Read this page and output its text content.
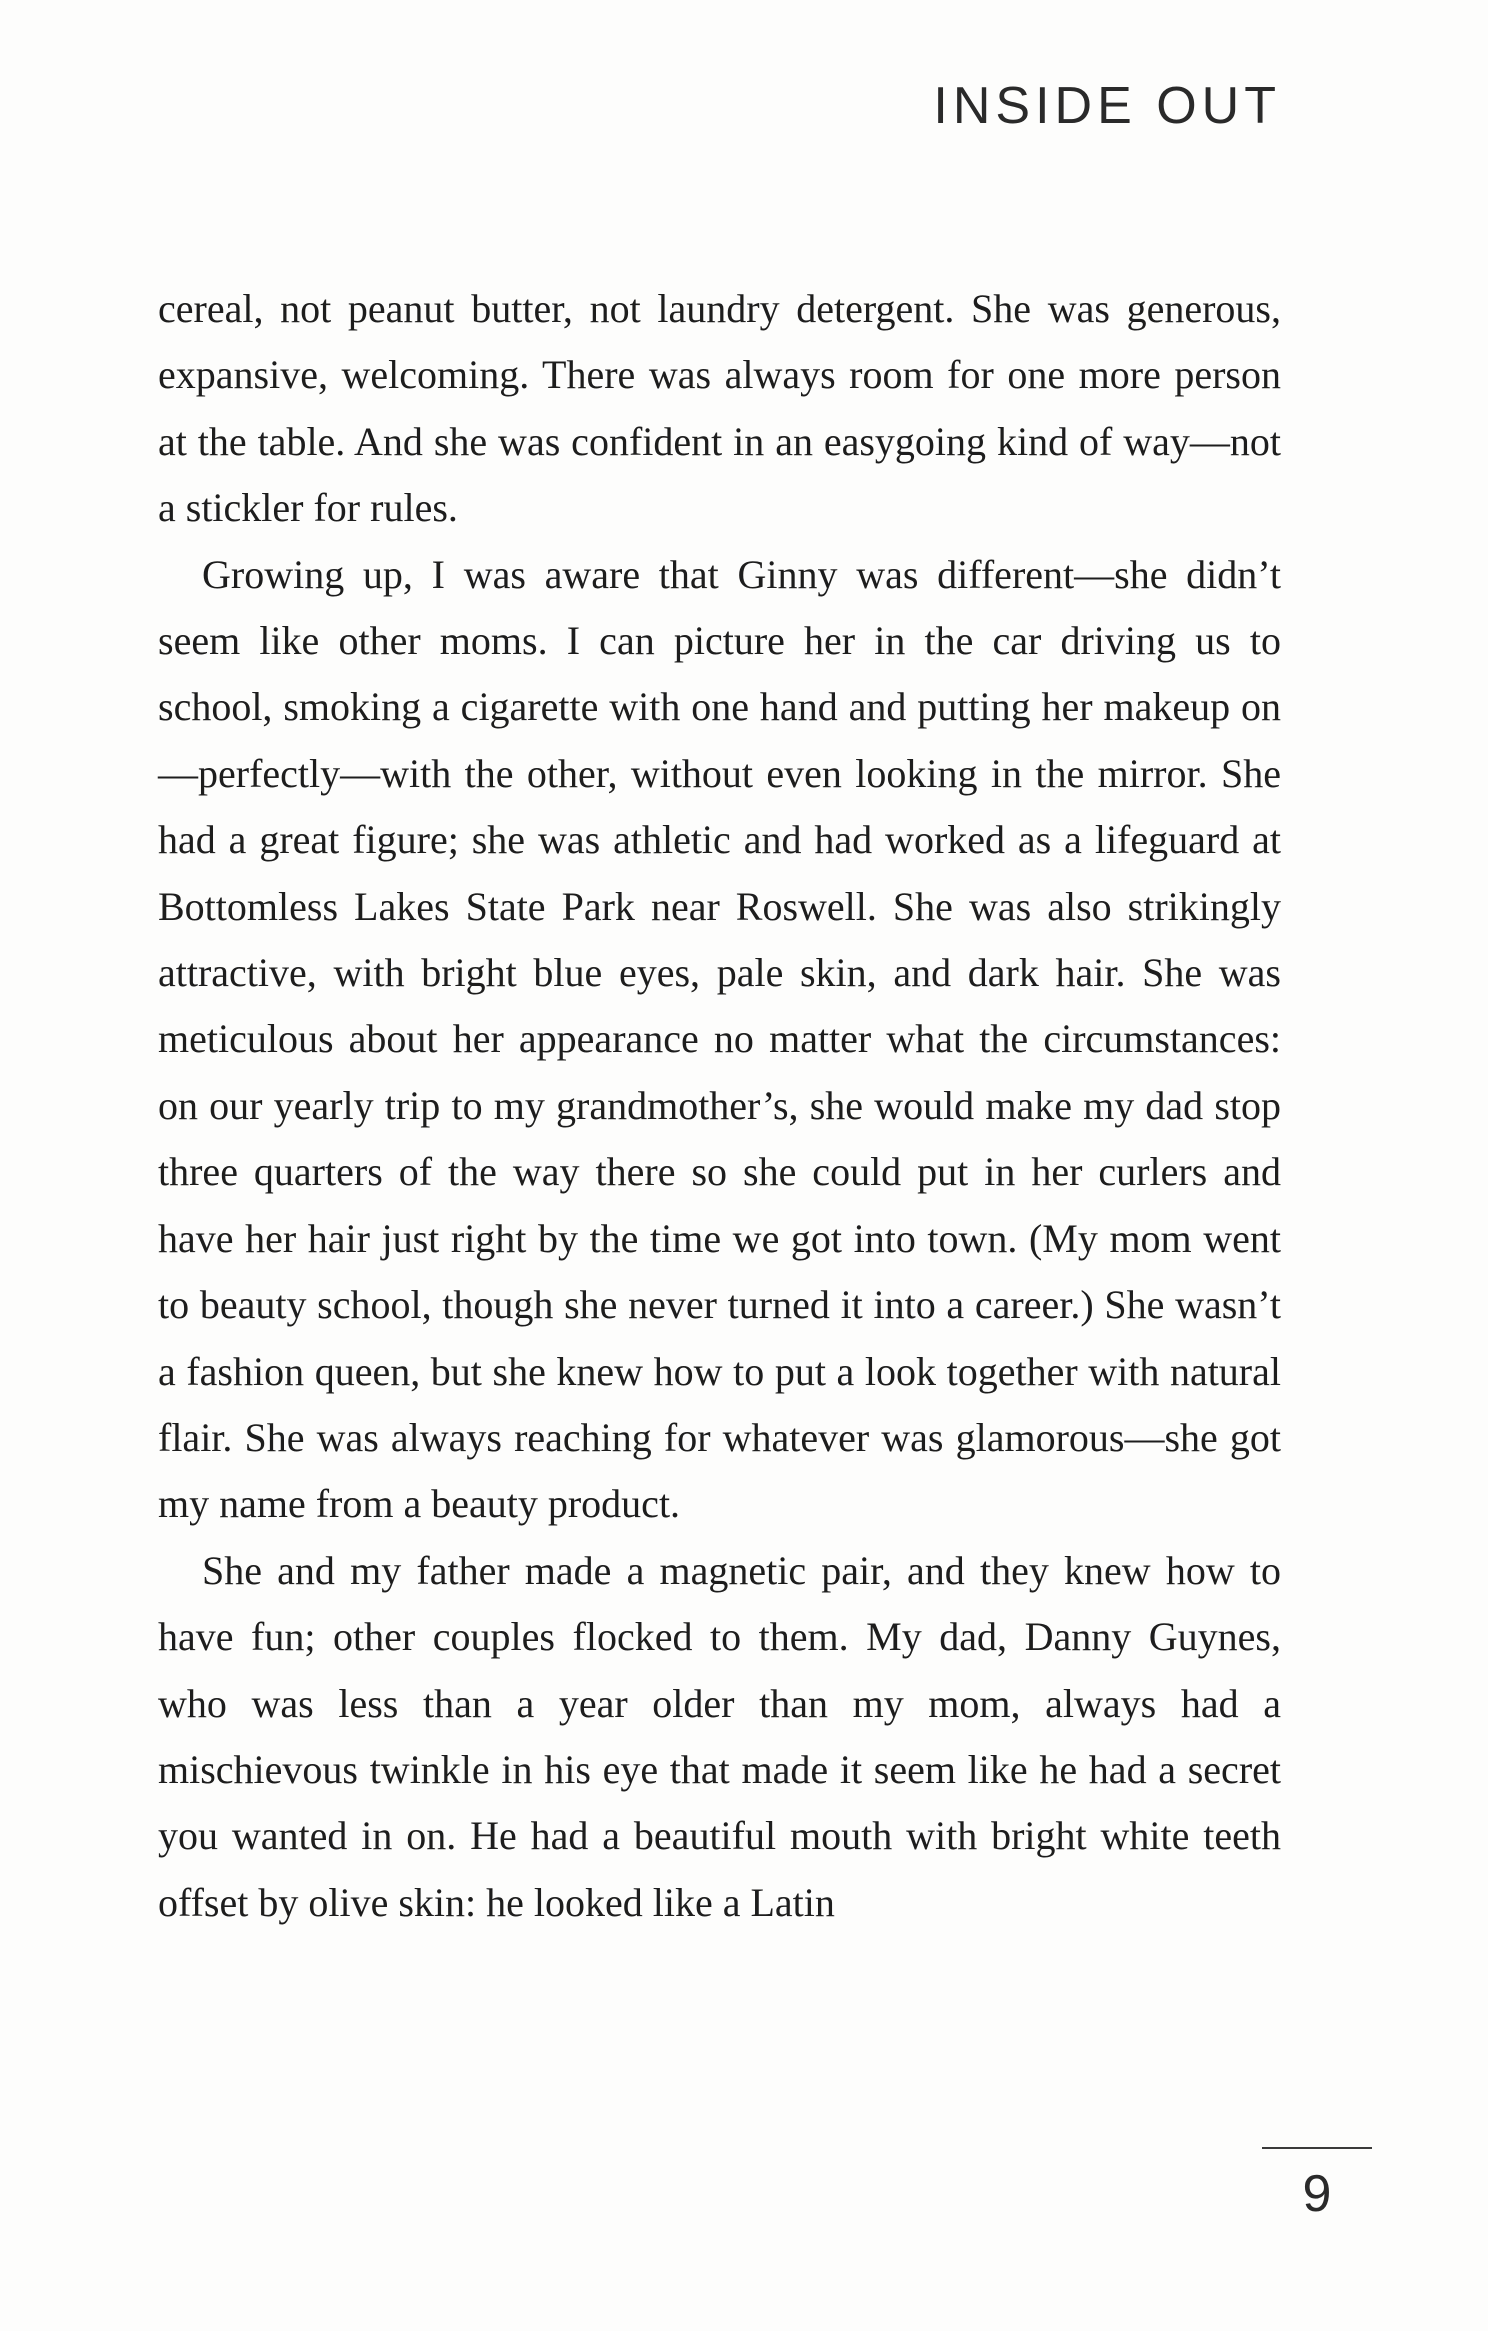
INSIDE OUT

cereal, not peanut butter, not laundry detergent. She was generous, expansive, welcoming. There was always room for one more person at the table. And she was confident in an easygoing kind of way—not a stickler for rules.

Growing up, I was aware that Ginny was different—she didn’t seem like other moms. I can picture her in the car driving us to school, smoking a cigarette with one hand and putting her makeup on—perfectly—with the other, without even looking in the mirror. She had a great figure; she was athletic and had worked as a lifeguard at Bottomless Lakes State Park near Roswell. She was also strikingly attractive, with bright blue eyes, pale skin, and dark hair. She was meticulous about her appearance no matter what the circumstances: on our yearly trip to my grandmother’s, she would make my dad stop three quarters of the way there so she could put in her curlers and have her hair just right by the time we got into town. (My mom went to beauty school, though she never turned it into a career.) She wasn’t a fashion queen, but she knew how to put a look together with natural flair. She was always reaching for whatever was glamorous—she got my name from a beauty product.

She and my father made a magnetic pair, and they knew how to have fun; other couples flocked to them. My dad, Danny Guynes, who was less than a year older than my mom, always had a mischievous twinkle in his eye that made it seem like he had a secret you wanted in on. He had a beautiful mouth with bright white teeth offset by olive skin: he looked like a Latin

9
